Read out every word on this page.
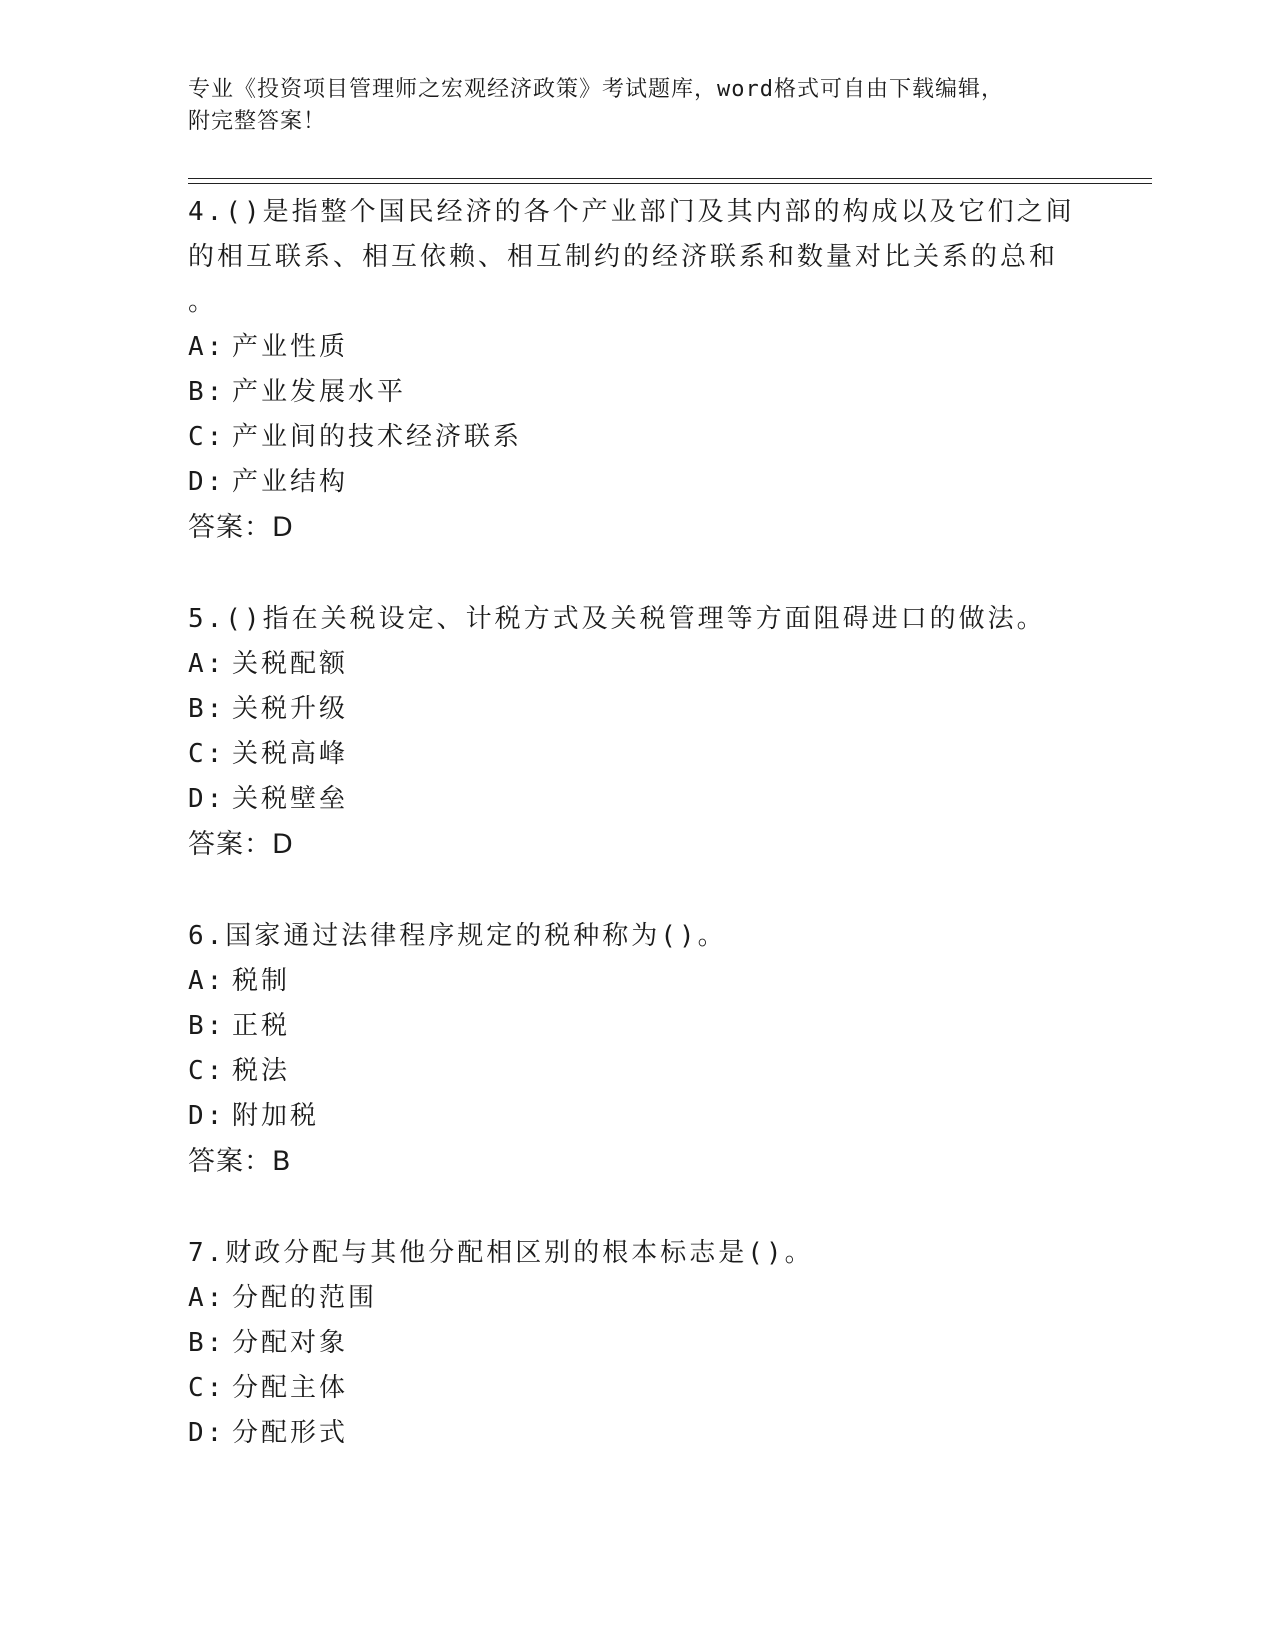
专业《投资项目管理师之宏观经济政策》考试题库，word格式可自由下载编辑，
附完整答案！
4.()是指整个国民经济的各个产业部门及其内部的构成以及它们之间
的相互联系、相互依赖、相互制约的经济联系和数量对比关系的总和
。
A: 产业性质
B: 产业发展水平
C: 产业间的技术经济联系
D: 产业结构
答案：D
5.()指在关税设定、计税方式及关税管理等方面阻碍进口的做法。
A: 关税配额
B: 关税升级
C: 关税高峰
D: 关税壁垒
答案：D
6.国家通过法律程序规定的税种称为()。
A: 税制
B: 正税
C: 税法
D: 附加税
答案：B
7.财政分配与其他分配相区别的根本标志是()。
A: 分配的范围
B: 分配对象
C: 分配主体
D: 分配形式
